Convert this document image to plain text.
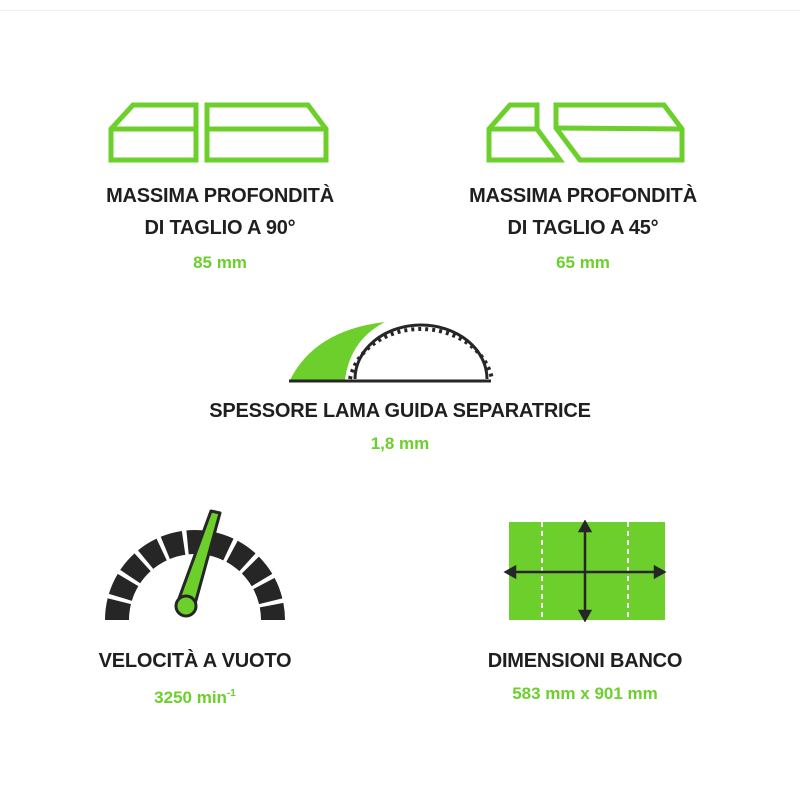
MASSIMA PROFONDITÀ
DI TAGLIO A 90°
85 mm
MASSIMA PROFONDITÀ
DI TAGLIO A 45°
65 mm
SPESSORE LAMA GUIDA SEPARATRICE
1,8 mm
VELOCITÀ A VUOTO
3250 $\min^{-1}$
DIMENSIONI BANCO
583 mm x 901 mm
